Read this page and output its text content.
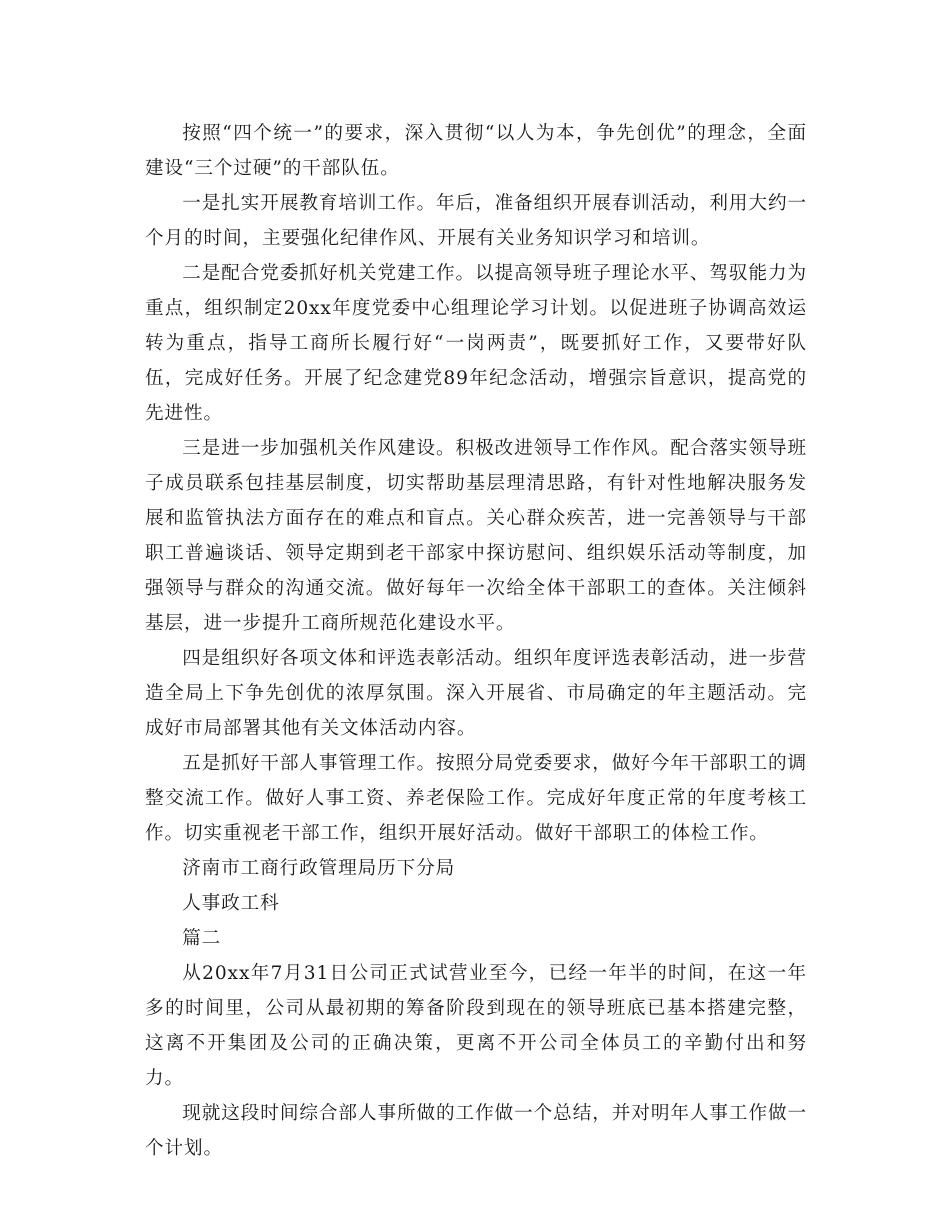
按照“四个统一”的要求，深入贯彻“以人为本，争先创优”的理念，全面建设“三个过硬”的干部队伍。

一是扎实开展教育培训工作。年后，准备组织开展春训活动，利用大约一个月的时间，主要强化纪律作风、开展有关业务知识学习和培训。

二是配合党委抓好机关党建工作。以提高领导班子理论水平、驾驭能力为重点，组织制定20xx年度党委中心组理论学习计划。以促进班子协调高效运转为重点，指导工商所长履行好“一岗两责”，既要抓好工作，又要带好队伍，完成好任务。开展了纪念建党89年纪念活动，增强宗旨意识，提高党的先进性。

三是进一步加强机关作风建设。积极改进领导工作作风。配合落实领导班子成员联系包挂基层制度，切实帮助基层理清思路，有针对性地解决服务发展和监管执法方面存在的难点和盲点。关心群众疾苦，进一完善领导与干部职工普遍谈话、领导定期到老干部家中探访慰问、组织娱乐活动等制度，加强领导与群众的沟通交流。做好每年一次给全体干部职工的查体。关注倾斜基层，进一步提升工商所规范化建设水平。

四是组织好各项文体和评选表彰活动。组织年度评选表彰活动，进一步营造全局上下争先创优的浓厚氛围。深入开展省、市局确定的年主题活动。完成好市局部署其他有关文体活动内容。

五是抓好干部人事管理工作。按照分局党委要求，做好今年干部职工的调整交流工作。做好人事工资、养老保险工作。完成好年度正常的年度考核工作。切实重视老干部工作，组织开展好活动。做好干部职工的体检工作。

济南市工商行政管理局历下分局

人事政工科

篇二

从20xx年7月31日公司正式试营业至今，已经一年半的时间，在这一年多的时间里，公司从最初期的筹备阶段到现在的领导班底已基本搭建完整，这离不开集团及公司的正确决策，更离不开公司全体员工的辛勤付出和努力。

现就这段时间综合部人事所做的工作做一个总结，并对明年人事工作做一个计划。
